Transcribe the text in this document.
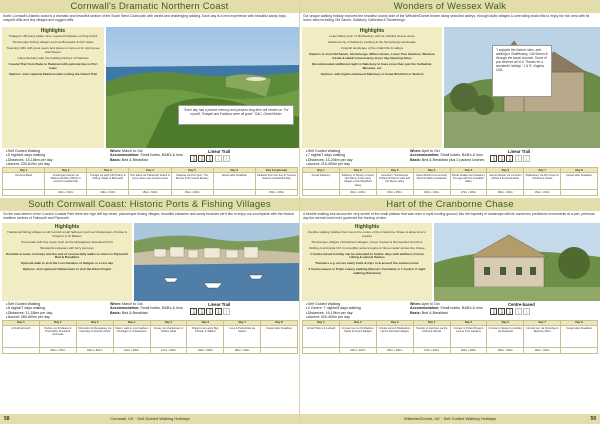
Cornwall's Dramatic Northern Coast
North Cornwall's Atlantic coast is a dramatic and beautiful section of the South West Coast path with varied and challenging walking. Each day is a new experience with beautiful sandy bays, unspoilt cliffs and tiny villages and rugged cliffs.
Highlights
Tintagel's cliff-hung castle ruins, reputed birthplace of King Arthur
Picturesque fishing villages such as Boscastle & Port Isaac
Towering cliffs with great views and places to look out for spring sea wild flowers
Camel Estuary with the bustling harbour of Padstow
Coastal Trail from Bude to Padstow with optional day to Port Isaac
Options: Join optional Padstow with cycling the Camel Trail
"Each day had a picture memory and pictures long-time will remain us. For myself, Tintagel and Padstow were all great." D&C, Great Britain
▸ Self Guided Walking
▸ 5 nights/6 days walking
▸ Distances: 15-18km per day
▸ Ascent: 330-610m per day
When: March to Oct
Accommodation: Small hotels, B&B's & Inns
Basis: Bed & Breakfast
Linear Trail
🚶 🚶 🚶 🚶 🚶
Day 1	Day 2	Day 3	Day 4	Day 5	Day 6	Day 6 (optional)
Arrival at Bude	Crackington Haven via Widemouth Bay (15/16) or Cornish Coastal Path	Tintagel via High Cliff (19km) & fishing village of Boscastle	Port Isaac via Trebarwith Strand & some views over ancient coves	Padstow via Port Quin, The Rumps & the Camel Estuary	Depart after breakfast	Padstow from tour bus to Trevose Head & Constantine Bay
	18km • 640m	18km • 610m	15km • 620m	16km • 600m		15km • 200m
South Cornwall Coast: Historic Ports & Fishing Villages
On the east stretch of the Cornish Coastal Path there are high cliff top views, picturesque fishing villages, beautiful estuaries and sandy beaches we'd like to enjoy our countryside with the historic maritime centres of Falmouth and Plymouth.
Highlights
Traditional fishing villages & old Cornish small harbours such as Charlestown, Portloe & Polperro & St Mawes
Peninsular with fine views such as the Mevagissey Roseland Point
Wonderful estuaries with ferry journeys
Possible to leave in Fowey and the end of several daily walks to return to Plymouth Bed & Breakfast
Optional walk to visit the Lost Gardens of Heligan or a rest day
Options: Join optional Charlestown to visit the Eden Project
▸ Self Guided Walking
▸ 8 nights/7 days walking
▸ Distances: 11-18km per day
▸ Ascent: 380-800m per day
When: March to Oct
Accommodation: Small hotels, B&B's & Inns
Basis: Bed & Breakfast
Linear Trail
🚶 🚶 🚶 🚶 🚶
Day 1	Day 2	Day 3	Day 4	Day 5	Day 6	Day 7	Day 8
Arrival Falmouth	Portloe via St Mawes & Portscatho, Roseland peninsula	Portmellon & Mevagissey via Caerhays & Dodman Point	Option: walk to Lost Gardens of Heligan or Charlestown	Fowey via Charlestown & Gribbin Head	Polperro via Lantic Bay, Polruan & Talland	Looe & Portwrinkle via Seaton	Depart after breakfast
	18km • 700m	18km • 810m	11km • 300m	17km • 400m	13km • 500m	18km • 510m	
58	Cornwall, UK · Self Guided Walking Holidays
Wonders of Wessex Walk
Our unique walking holiday explores the beautiful county side of the Wiltshire/Dorset border along secluded valleys, through idyllic villages & overrolling chalk hills to enjoy the rich area with its iconic sites including Old Sarum, Salisbury Cathedral & Stonehenge.
Highlights
Least hilltop town of Shaftesbury with its cobbled streets views
Medieval city of Salisbury bustling at the Stonehenge landscape
Unspoilt landscape of the chalk hills & valleys
Options to visit Old Sarum, Stonehenge, Wilton House, Lower Tree Gardens, Wardour Castle & Hawk Conservancy at per day Opening times
Recommended additional night in Salisbury to have more than just the Cathedral, Museum, etc
Options: with nights enhanced Salisbury to Great Wishford or Stoford
"I enjoyed the historic sites, and walking in Shaftesbury, Old Sarum & through the burial mounds. Some of you deserve all of it. Thanks for a wonderful holiday." J & R, Virginia, USA
▸ Self Guided Walking
▸ 7 nights/7 days walking
▸ Distances: 13-20km per day
▸ Ascent: 215-400m per day
When: April to Oct
Accommodation: Small hotels, B&B's & Inns
Basis: Bed & Breakfast plus 2 packed lunches
Linear Trail
🚶 🚶 🚶 🚶 🚶
Day 1	Day 2	Day 3	Day 4	Day 5	Day 6	Day 7	Day 8
Arrival Salisbury	Salisbury to Stoney: Ancient Old Sarum & the pretty villages of the Woodford valley	Amesbury: Stonehenge Dollard & historic trails and the Wylye valley	Great Wishford via Grovely Wood & Wilton heartlands	Broad Chalke via Chiselbury Iron Age Hill Fort & Nadder Valley	Iwerne Minster via Compton Abbas & Fontmell Down	Shaftesbury via Win Green & Cranborne Chase	Depart after breakfast
	20km • 220m	15km • 250m	18km • 240m	17km • 300m	18km • 400m	16km • 210m	
Hart of the Cranborne Chase
A flexible walking tour across the very centre of the chalk plateau that was once a royal hunting ground; this rich tapestry of landscape with its numerous prehistoric monuments at a part, personal day the eternal loved over governed the hunting of deer.
Highlights
Flexible walking holiday that covers the centre of the Cranborne Chase & allow time to explore
Picturesque villages of thatched cottages, manor houses & flint banded churches
Rolling countryside rich in incredibly ancient tracks & 'drove roads' across the Chase
1 Centre-based holiday can be extended to further days with addition of more rolling & natural themes
Transfers e.g. across many trails & trips in & around the market centre
2 Centre-based or Triple Luxury walking (Sunset / Farnham) or 1 Centre: 6 night walking (Farnham)
▸ Self Guided Walking
▸ 2 Centre: 7 nights/6 days walking
▸ Distances: 16-19km per day
▸ Ascent: 320-400m per day
When: April to Oct
Accommodation: Small hotels, B&B's & Inns
Basis: Bed & Breakfast
Centre-based
🚶 🚶 🚶 🚶 🚶
Day 1	Day 2	Day 3	Day 4	Day 5	Day 6	Day 7	Day 8
Arrival Tisbury & Ludwell	Circular tour to Old Wardour Castle & Fovant Badges	Circular around Shaftesbury via the Donhead villages	Transfer to Farnham via the Ashmore Woods	Circular to Tollard Royal & Larmer Tree Gardens	Circular to Sixpenny Handley via Deanland	Circular tour via Pentridge & Bokerley Ditch	Depart after breakfast
	16km • 320m	18km • 350m	17km • 330m	19km • 400m	18km • 360m	16km • 340m	
Wiltshire/Dorset, UK · Self Guided Walking Holidays	59
